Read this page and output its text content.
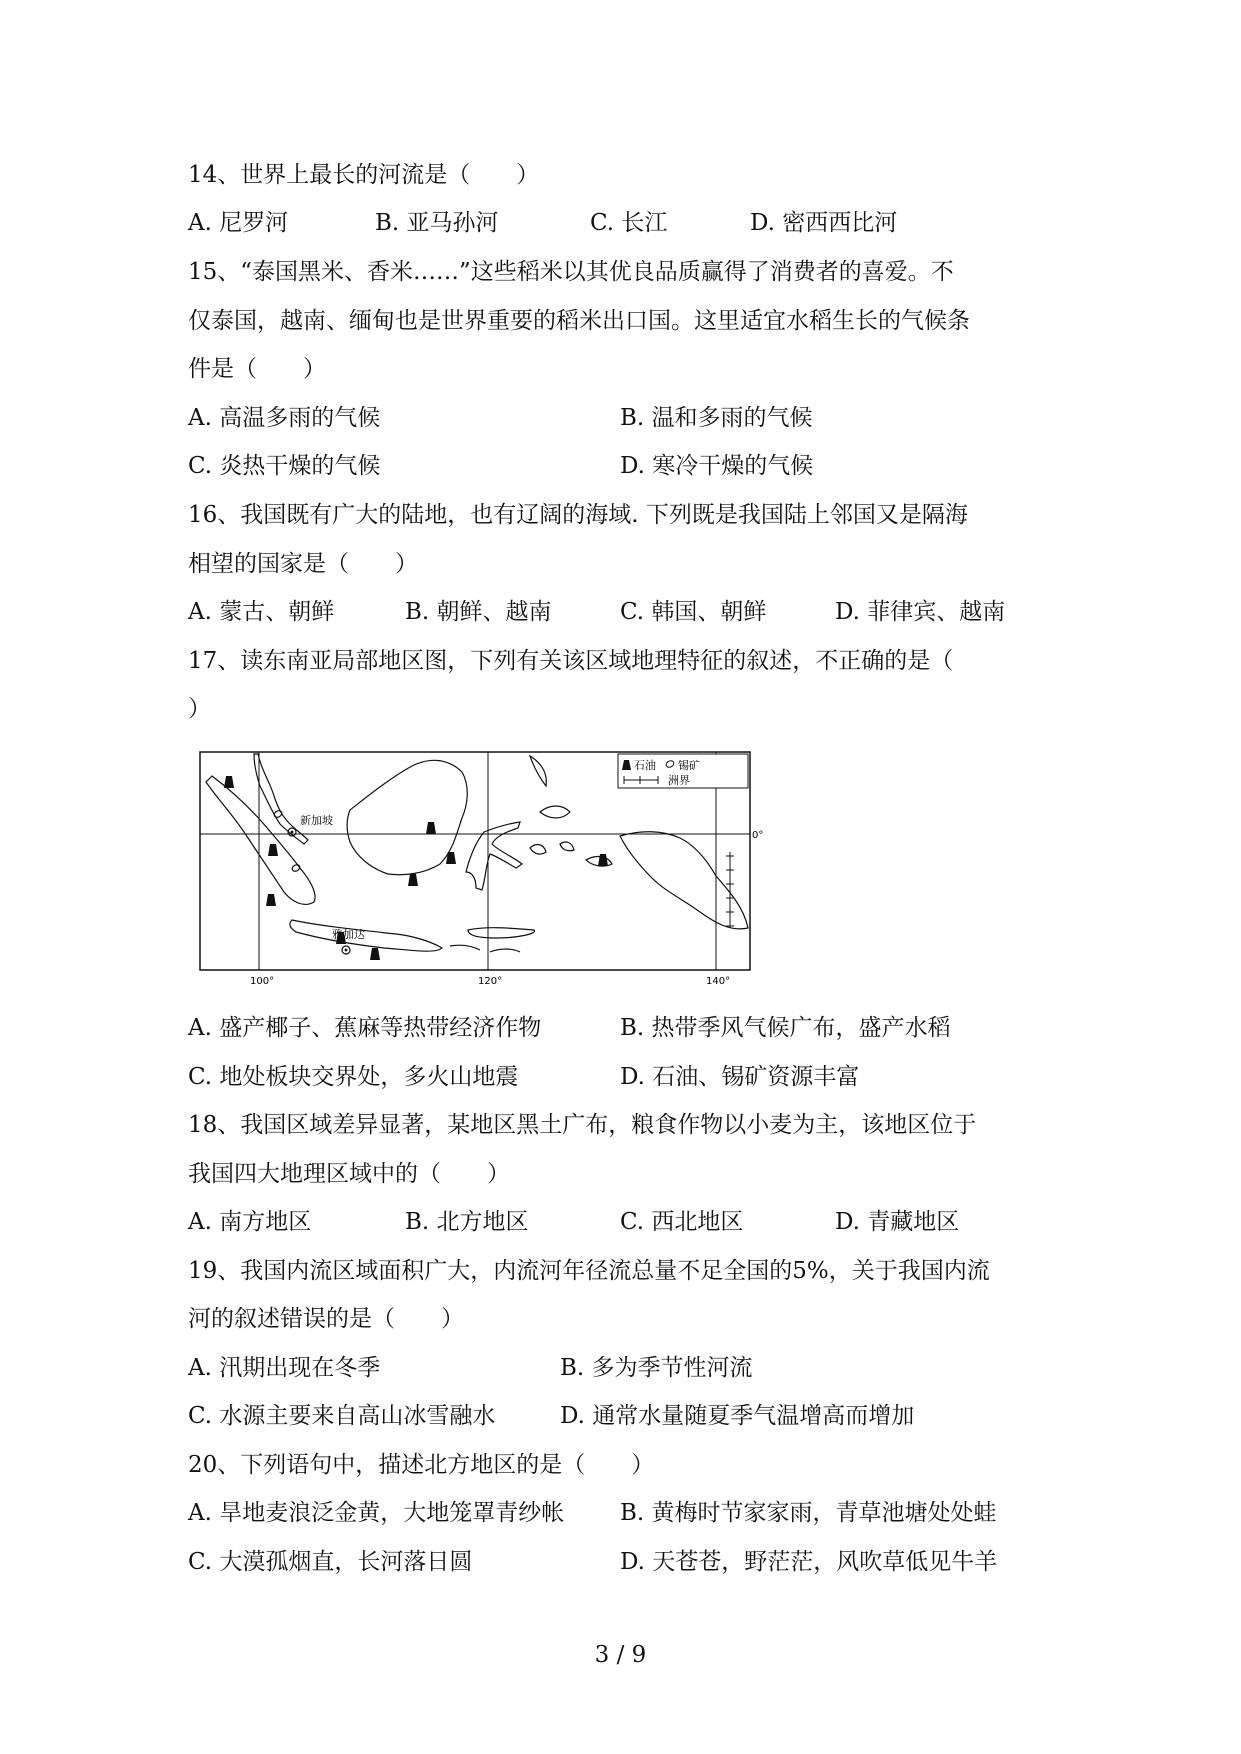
14、世界上最长的河流是（　　）
A. 尼罗河	B. 亚马孙河	C. 长江	D. 密西西比河
15、“泰国黑米、香米……”这些稻米以其优良品质赢得了消费者的喜爱。不
仅泰国，越南、缅甸也是世界重要的稻米出口国。这里适宜水稻生长的气候条
件是（　　）
A. 高温多雨的气候	B. 温和多雨的气候
C. 炎热干燥的气候	D. 寒冷干燥的气候
16、我国既有广大的陆地，也有辽阔的海域. 下列既是我国陆上邻国又是隔海
相望的国家是（　　）
A. 蒙古、朝鲜	B. 朝鲜、越南	C. 韩国、朝鲜	D. 菲律宾、越南
17、读东南亚局部地区图，下列有关该区域地理特征的叙述，不正确的是（
）
新加坡
雅加达
石油 锡矿
洲界
0°
100°	120°	140°
A. 盛产椰子、蕉麻等热带经济作物	B. 热带季风气候广布，盛产水稻
C. 地处板块交界处，多火山地震	D. 石油、锡矿资源丰富
18、我国区域差异显著，某地区黑土广布，粮食作物以小麦为主，该地区位于
我国四大地理区域中的（　　）
A. 南方地区	B. 北方地区	C. 西北地区	D. 青藏地区
19、我国内流区域面积广大，内流河年径流总量不足全国的5%，关于我国内流
河的叙述错误的是（　　）
A. 汛期出现在冬季	B. 多为季节性河流
C. 水源主要来自高山冰雪融水	D. 通常水量随夏季气温增高而增加
20、下列语句中，描述北方地区的是（　　）
A. 旱地麦浪泛金黄，大地笼罩青纱帐 B. 黄梅时节家家雨，青草池塘处处蛙
C. 大漠孤烟直，长河落日圆	D. 天苍苍，野茫茫，风吹草低见牛羊
3 / 9
